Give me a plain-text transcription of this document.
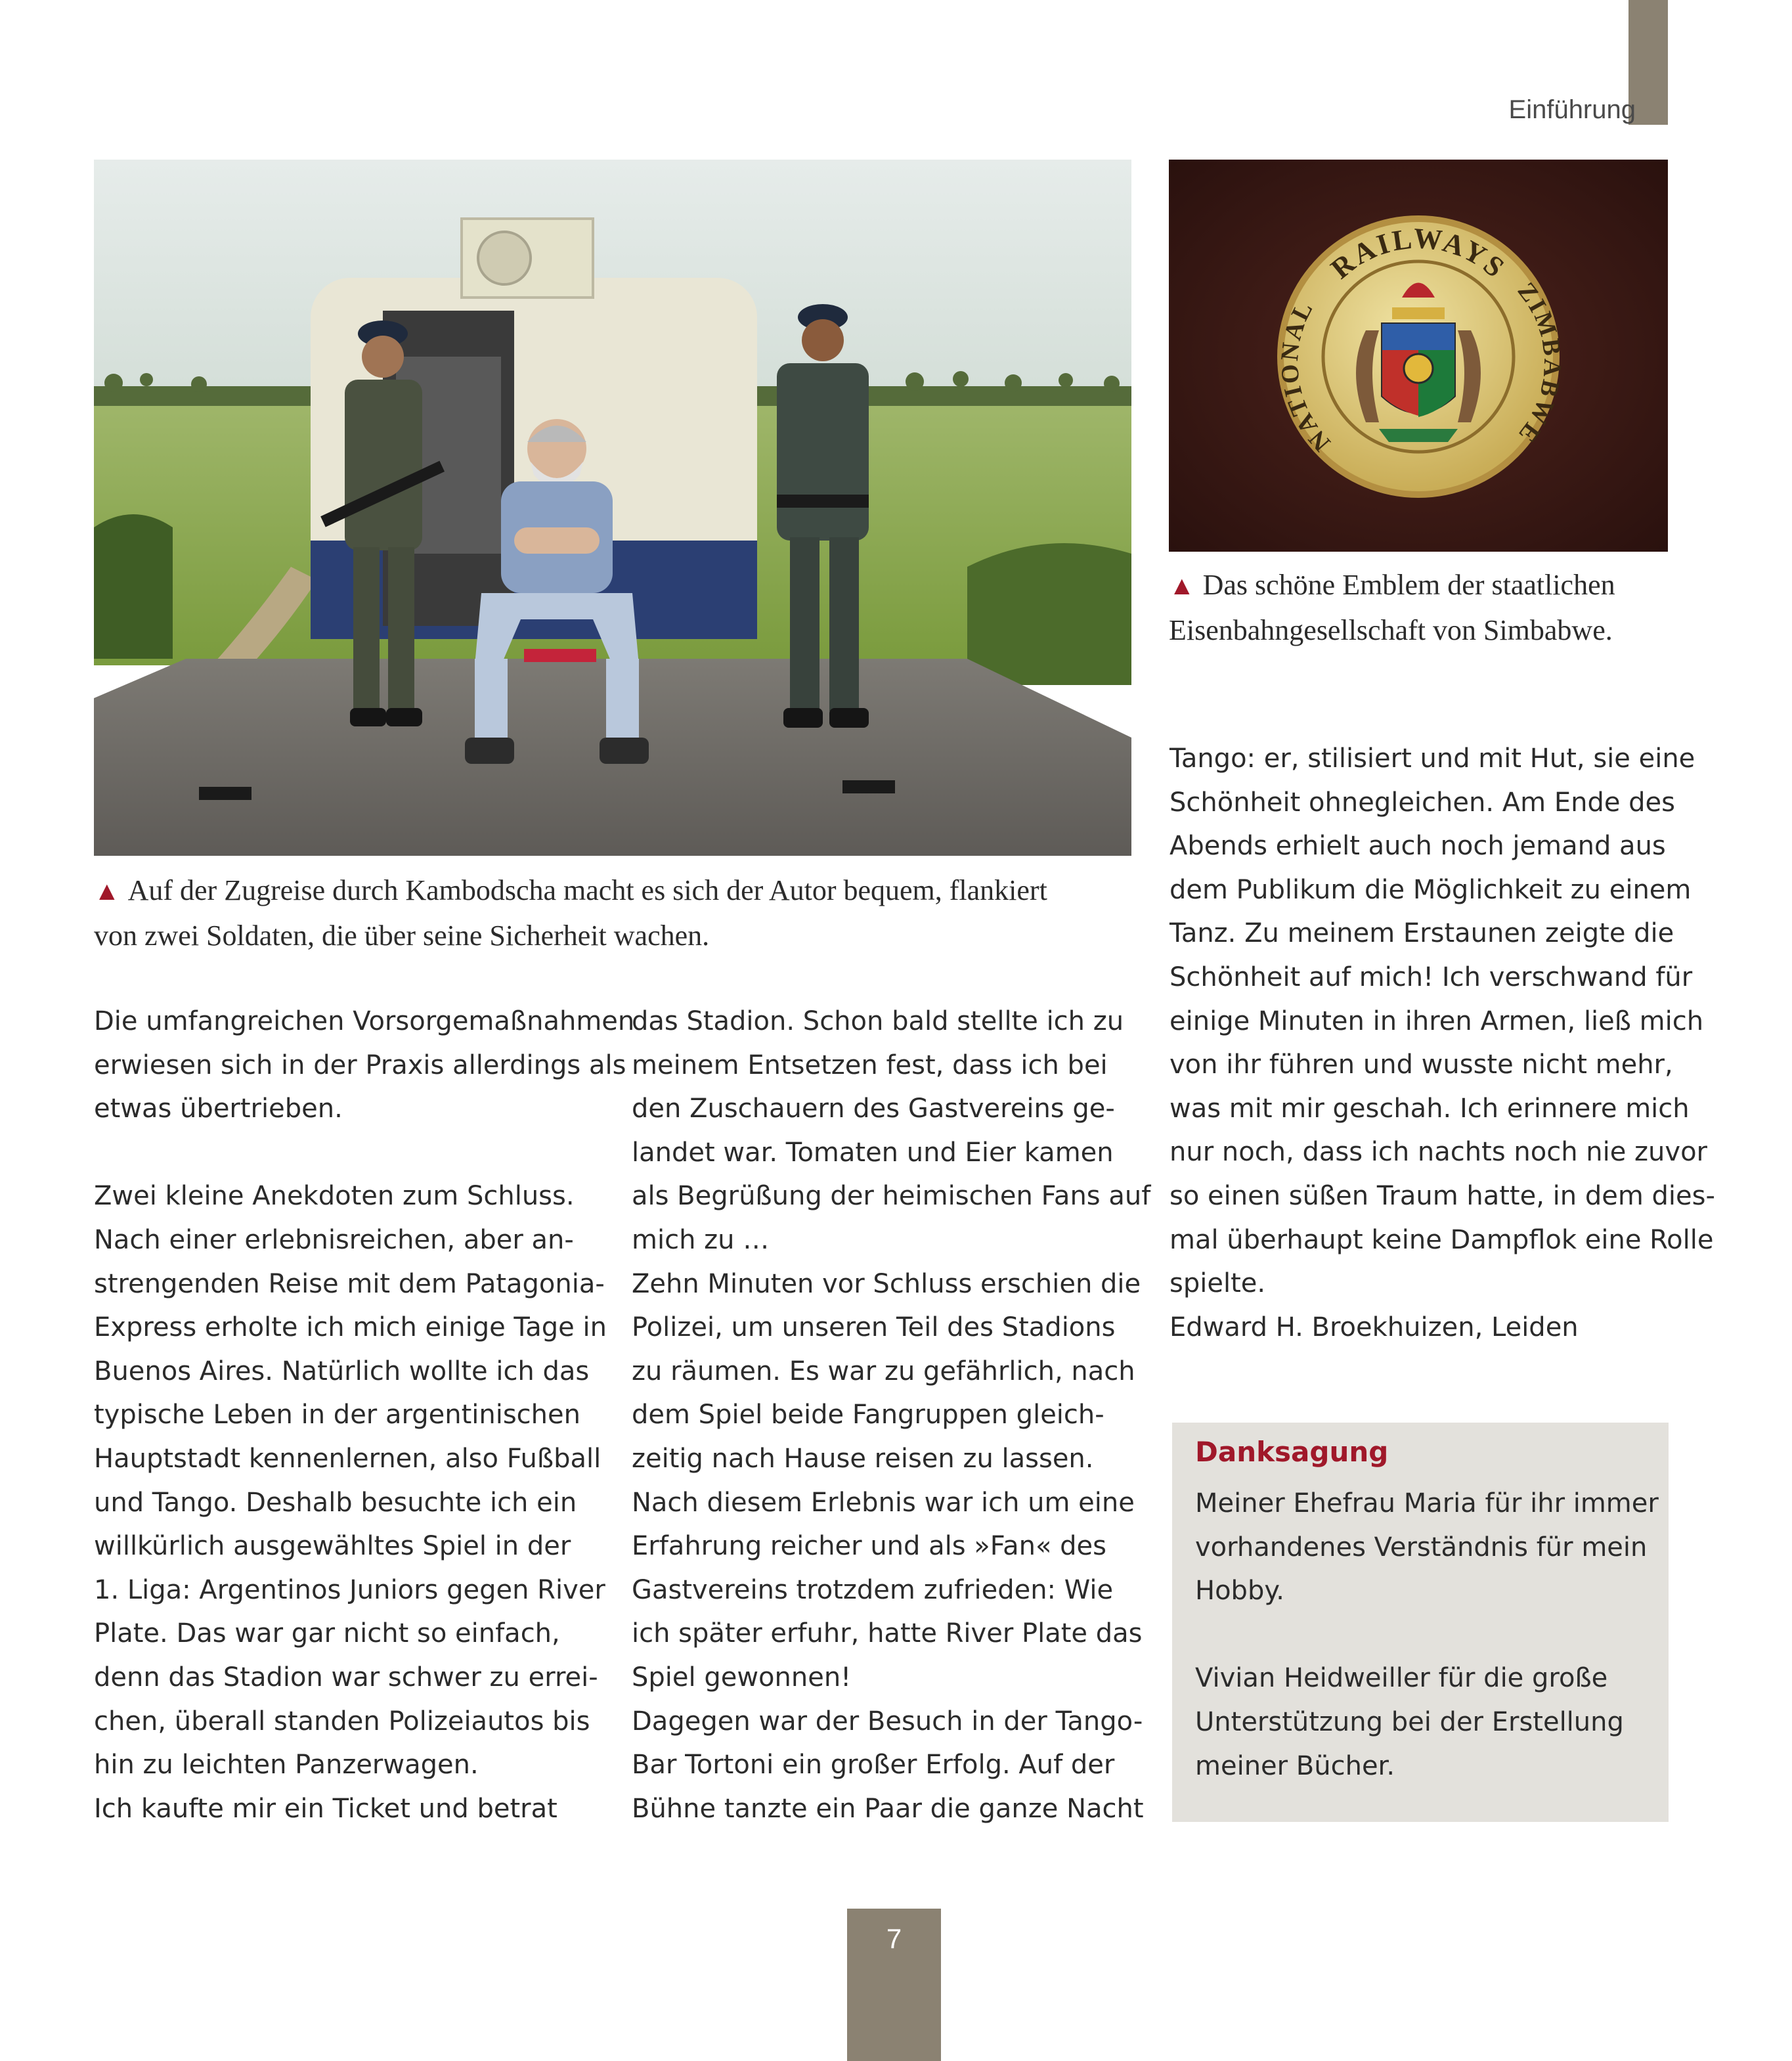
Einführung
RAILWAYS
NATIONAL
ZIMBABWE
▲ Auf der Zugreise durch Kambodscha macht es sich der Autor bequem, flankiert
von zwei Soldaten, die über seine Sicherheit wachen.
▲ Das schöne Emblem der staatlichen
Eisenbahngesellschaft von Simbabwe.
Die umfangreichen Vorsorgemaßnahmen
erwiesen sich in der Praxis allerdings als
etwas übertrieben.
Zwei kleine Anekdoten zum Schluss.
Nach einer erlebnisreichen, aber an-
strengenden Reise mit dem Patagonia-
Express erholte ich mich einige Tage in
Buenos Aires. Natürlich wollte ich das
typische Leben in der argentinischen
Hauptstadt kennenlernen, also Fußball
und Tango. Deshalb besuchte ich ein
willkürlich ausgewähltes Spiel in der
1. Liga: Argentinos Juniors gegen River
Plate. Das war gar nicht so einfach,
denn das Stadion war schwer zu errei-
chen, überall standen Polizeiautos bis
hin zu leichten Panzerwagen.
Ich kaufte mir ein Ticket und betrat
das Stadion. Schon bald stellte ich zu
meinem Entsetzen fest, dass ich bei
den Zuschauern des Gastvereins ge-
landet war. Tomaten und Eier kamen
als Begrüßung der heimischen Fans auf
mich zu …
Zehn Minuten vor Schluss erschien die
Polizei, um unseren Teil des Stadions
zu räumen. Es war zu gefährlich, nach
dem Spiel beide Fangruppen gleich-
zeitig nach Hause reisen zu lassen.
Nach diesem Erlebnis war ich um eine
Erfahrung reicher und als »Fan« des
Gastvereins trotzdem zufrieden: Wie
ich später erfuhr, hatte River Plate das
Spiel gewonnen!
Dagegen war der Besuch in der Tango-
Bar Tortoni ein großer Erfolg. Auf der
Bühne tanzte ein Paar die ganze Nacht
Tango: er, stilisiert und mit Hut, sie eine
Schönheit ohnegleichen. Am Ende des
Abends erhielt auch noch jemand aus
dem Publikum die Möglichkeit zu einem
Tanz. Zu meinem Erstaunen zeigte die
Schönheit auf mich! Ich verschwand für
einige Minuten in ihren Armen, ließ mich
von ihr führen und wusste nicht mehr,
was mit mir geschah. Ich erinnere mich
nur noch, dass ich nachts noch nie zuvor
so einen süßen Traum hatte, in dem dies-
mal überhaupt keine Dampflok eine Rolle
spielte.
Edward H. Broekhuizen, Leiden
Danksagung
Meiner Ehefrau Maria für ihr immer
vorhandenes Verständnis für mein
Hobby.
Vivian Heidweiller für die große
Unterstützung bei der Erstellung
meiner Bücher.
7
